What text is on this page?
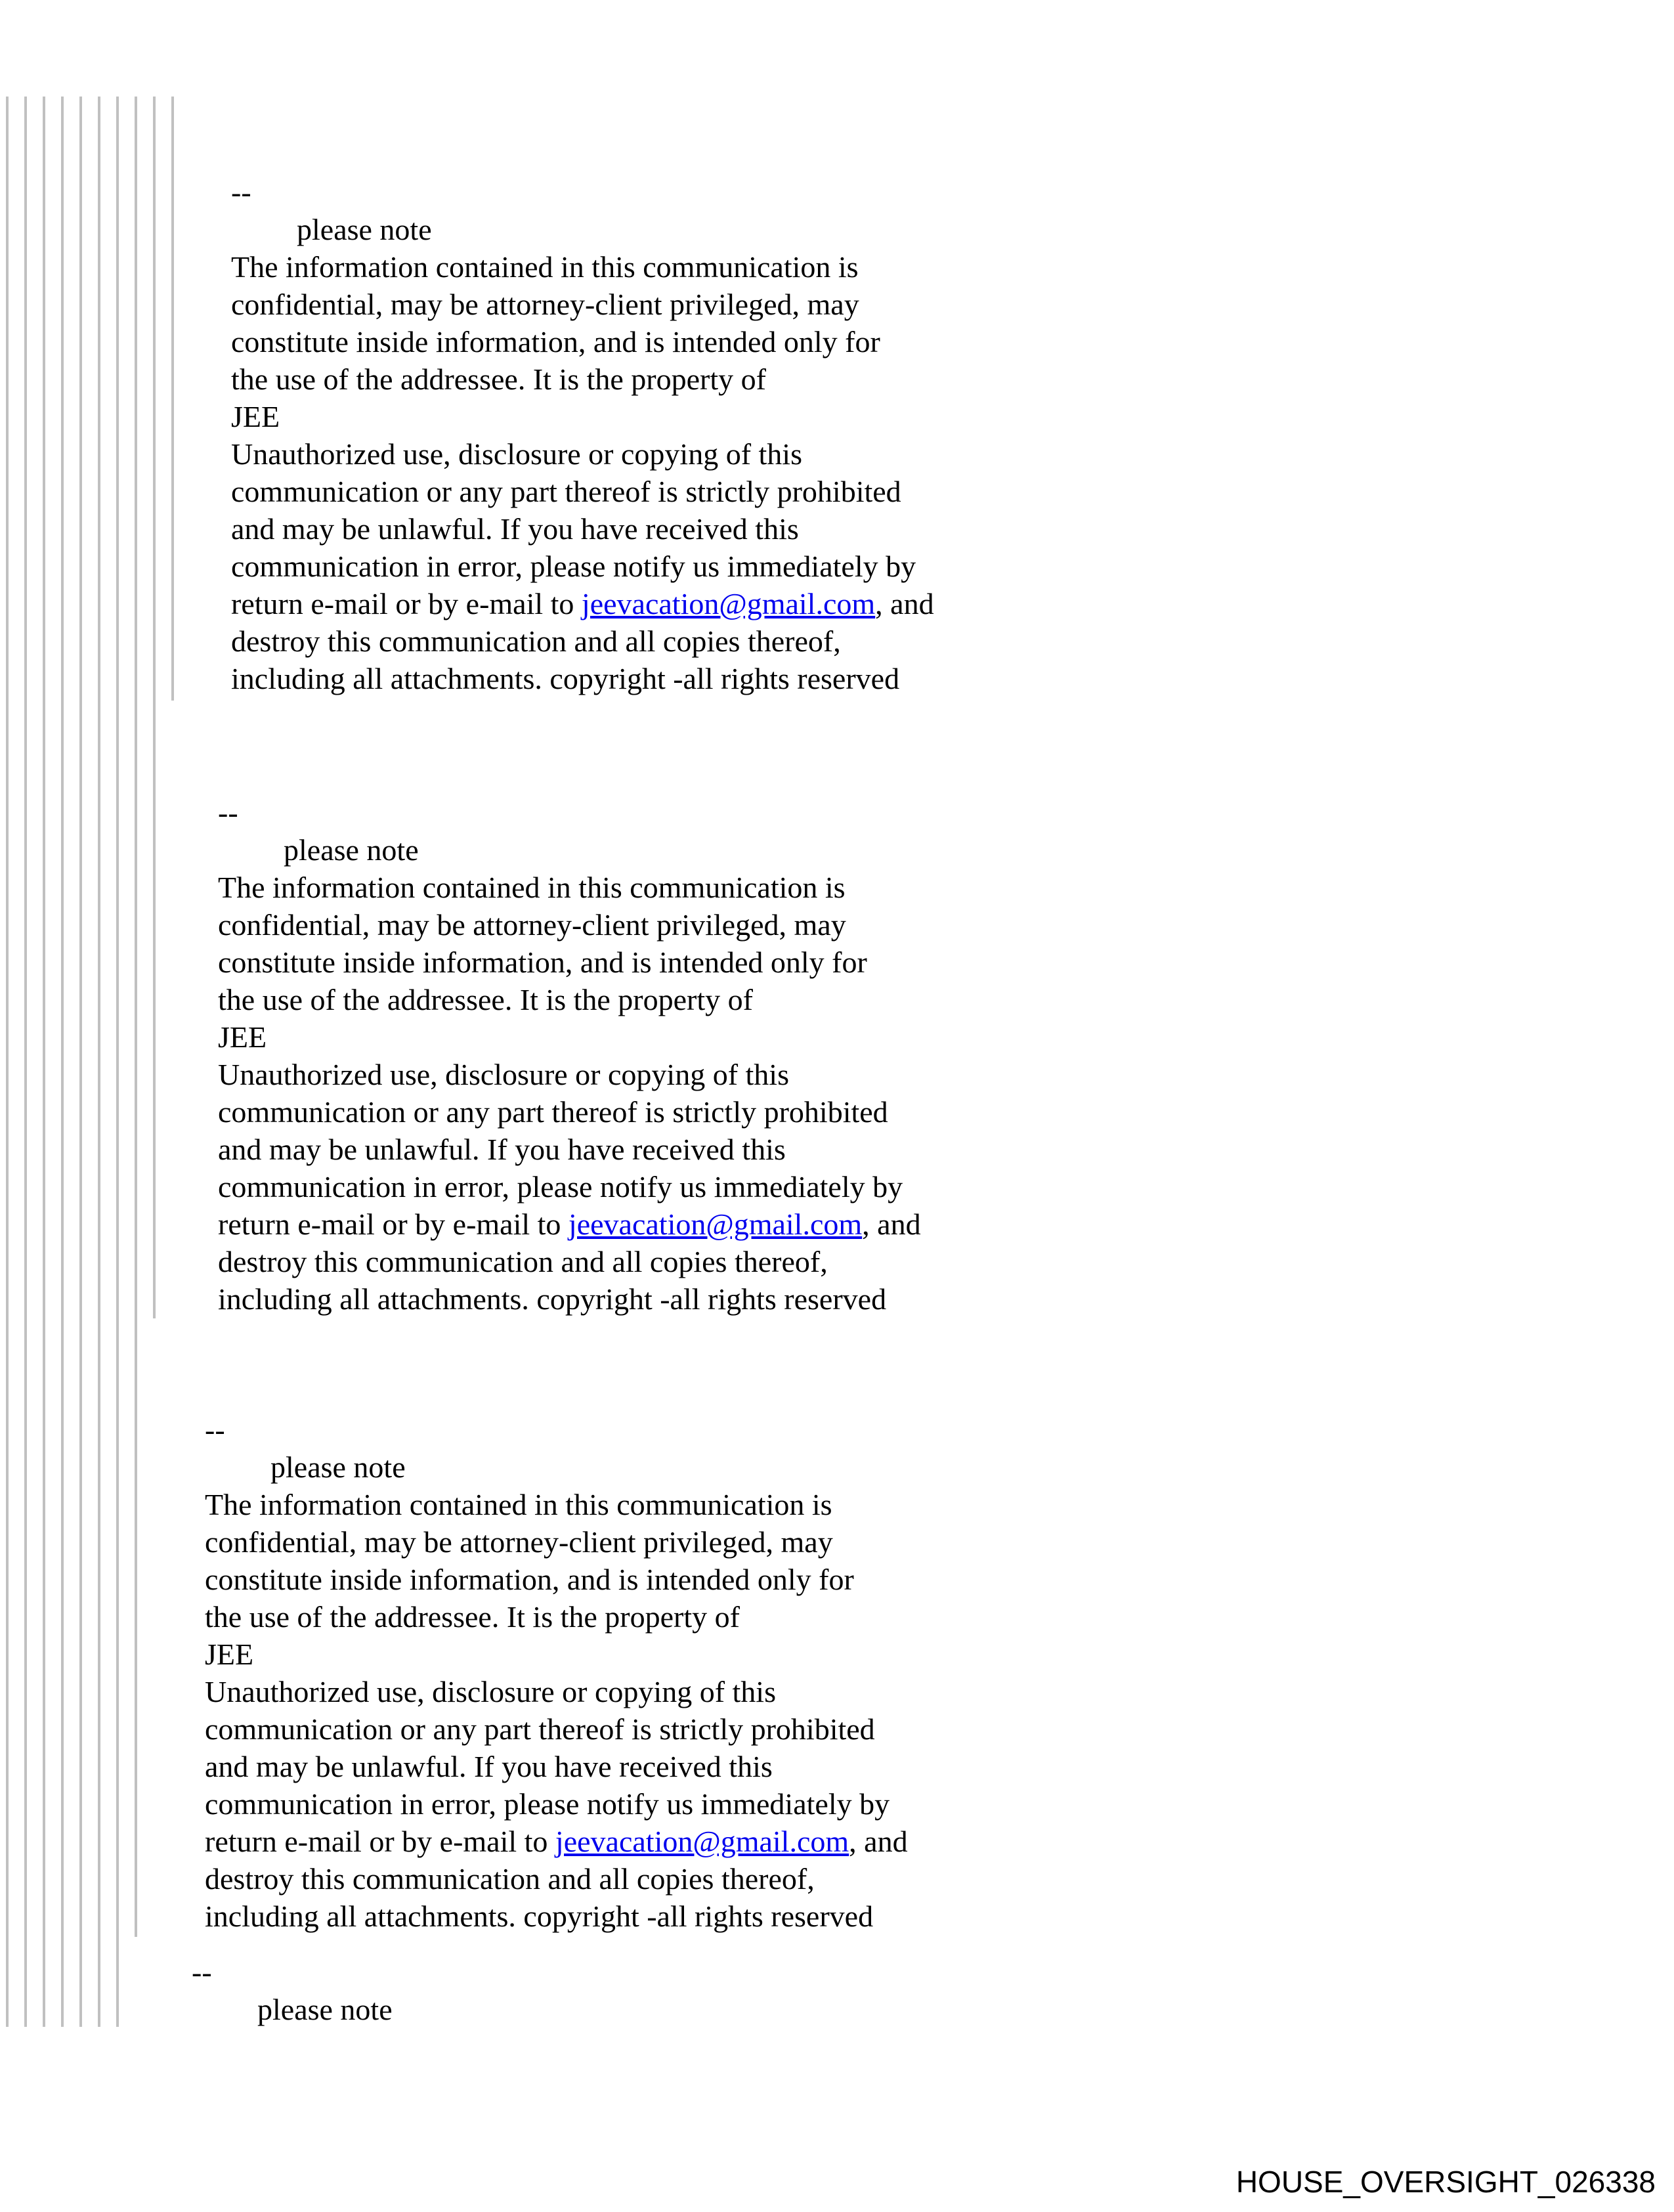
--
please note
The information contained in this communication is
confidential, may be attorney-client privileged, may
constitute inside information, and is intended only for
the use of the addressee. It is the property of
JEE
Unauthorized use, disclosure or copying of this
communication or any part thereof is strictly prohibited
and may be unlawful. If you have received this
communication in error, please notify us immediately by
return e-mail or by e-mail to jeevacation@gmail.com, and
destroy this communication and all copies thereof,
including all attachments. copyright -all rights reserved
--
please note
The information contained in this communication is
confidential, may be attorney-client privileged, may
constitute inside information, and is intended only for
the use of the addressee. It is the property of
JEE
Unauthorized use, disclosure or copying of this
communication or any part thereof is strictly prohibited
and may be unlawful. If you have received this
communication in error, please notify us immediately by
return e-mail or by e-mail to jeevacation@gmail.com, and
destroy this communication and all copies thereof,
including all attachments. copyright -all rights reserved
--
please note
The information contained in this communication is
confidential, may be attorney-client privileged, may
constitute inside information, and is intended only for
the use of the addressee. It is the property of
JEE
Unauthorized use, disclosure or copying of this
communication or any part thereof is strictly prohibited
and may be unlawful. If you have received this
communication in error, please notify us immediately by
return e-mail or by e-mail to jeevacation@gmail.com, and
destroy this communication and all copies thereof,
including all attachments. copyright -all rights reserved
--
please note
HOUSE_OVERSIGHT_026338
